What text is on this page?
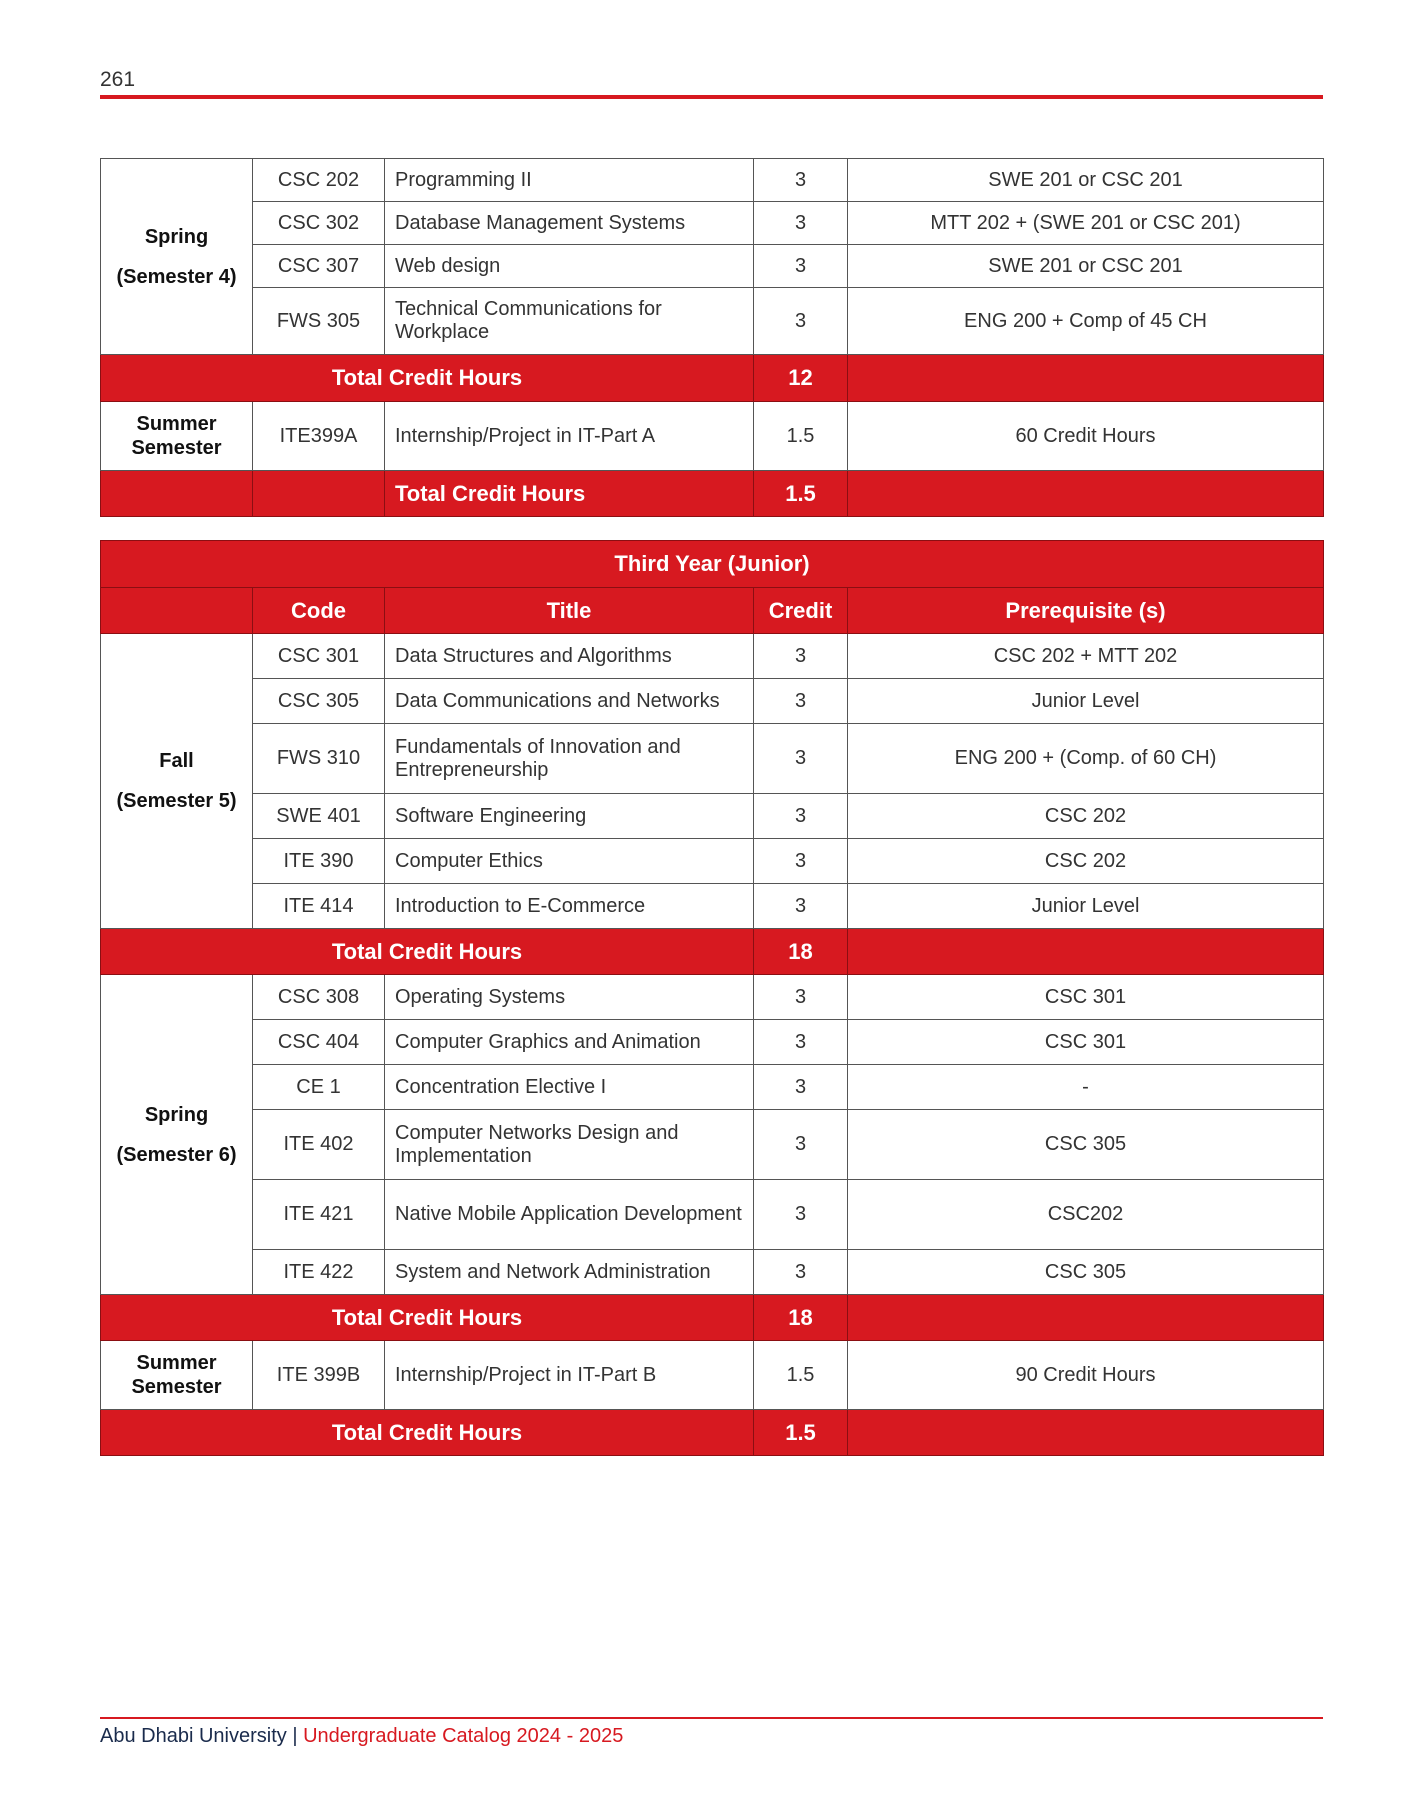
261
Spring
(Semester 4)	CSC 202	Programming II	3	SWE 201 or CSC 201
	CSC 302	Database Management Systems	3	MTT 202 + (SWE 201 or CSC 201)
	CSC 307	Web design	3	SWE 201 or CSC 201
	FWS 305	Technical Communications for Workplace	3	ENG 200 + Comp of 45 CH
Total Credit Hours			12	
Summer Semester	ITE399A	Internship/Project in IT-Part A	1.5	60 Credit Hours
		Total Credit Hours	1.5	
Third Year (Junior)				
	Code	Title	Credit	Prerequisite (s)

Fall
(Semester 5)	CSC 301	Data Structures and Algorithms	3	CSC 202 + MTT 202
	CSC 305	Data Communications and Networks	3	Junior Level
	FWS 310	Fundamentals of Innovation and Entrepreneurship	3	ENG 200 + (Comp. of 60 CH)
	SWE 401	Software Engineering	3	CSC 202
	ITE 390	Computer Ethics	3	CSC 202
	ITE 414	Introduction to E-Commerce	3	Junior Level
Total Credit Hours			18	

Spring
(Semester 6)	CSC 308	Operating Systems	3	CSC 301
	CSC 404	Computer Graphics and Animation	3	CSC 301
	CE 1	Concentration Elective I	3	-
	ITE 402	Computer Networks Design and Implementation	3	CSC 305
	ITE 421	Native Mobile Application Development	3	CSC202
	ITE 422	System and Network Administration	3	CSC 305
Total Credit Hours			18	
Summer Semester	ITE 399B	Internship/Project in IT-Part B	1.5	90 Credit Hours
Total Credit Hours			1.5	
Abu Dhabi University | Undergraduate Catalog 2024 - 2025
